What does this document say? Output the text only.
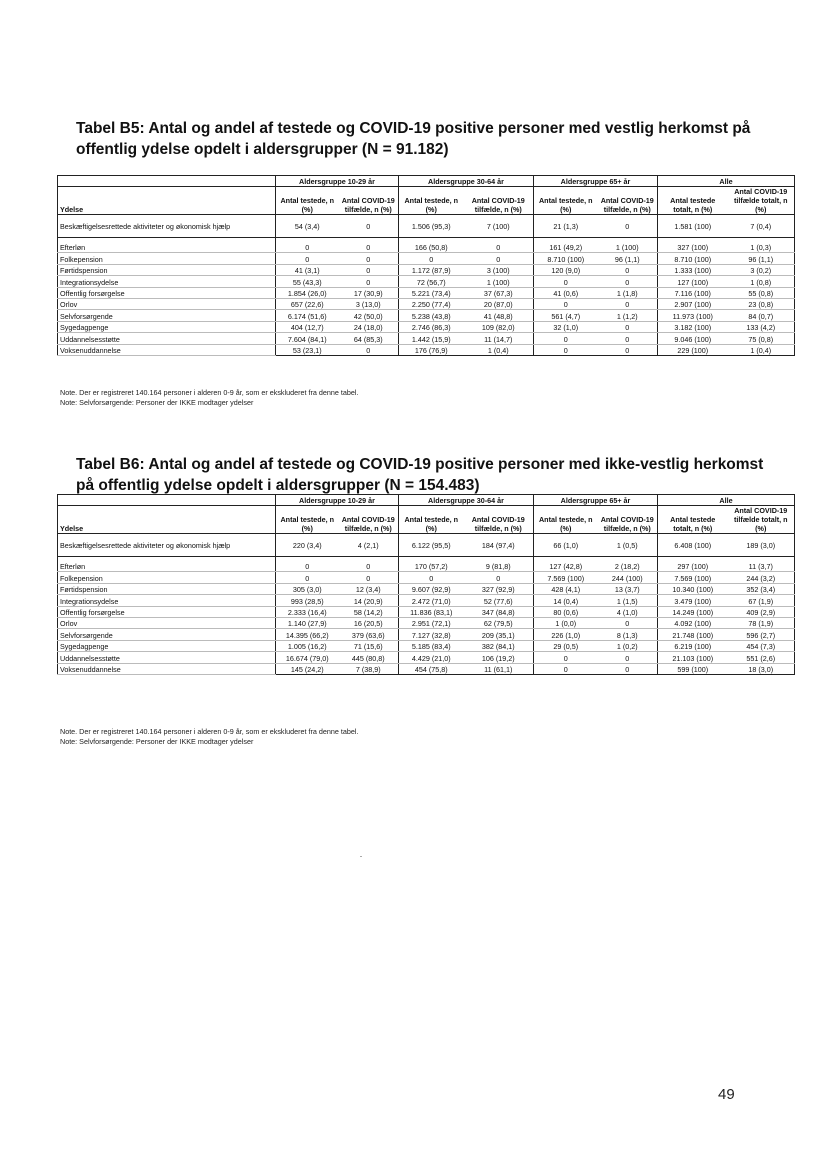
Tabel B5: Antal og andel af testede og COVID-19 positive personer med vestlig herkomst på offentlig ydelse opdelt i aldersgrupper (N = 91.182)
	Aldersgruppe 10-29 år		Aldersgruppe 30-64 år		Aldersgruppe 65+ år		Alle	
Ydelse	Antal testede, n (%)	Antal COVID-19 tilfælde, n (%)	Antal testede, n (%)	Antal COVID-19 tilfælde, n (%)	Antal testede, n (%)	Antal COVID-19 tilfælde, n (%)	Antal testede totalt, n (%)	Antal COVID-19 tilfælde totalt, n (%)
Beskæftigelsesrettede aktiviteter og økonomisk hjælp	54 (3,4)	0	1.506 (95,3)	7 (100)	21 (1,3)	0	1.581 (100)	7 (0,4)

Efterløn	0	0	166 (50,8)	0	161 (49,2)	1 (100)	327 (100)	1 (0,3)
Folkepension	0	0	0	0	8.710 (100)	96 (1,1)	8.710 (100)	96 (1,1)
Førtidspension	41 (3,1)	0	1.172 (87,9)	3 (100)	120 (9,0)	0	1.333 (100)	3 (0,2)
Integrationsydelse	55 (43,3)	0	72 (56,7)	1 (100)	0	0	127 (100)	1 (0,8)
Offentlig forsørgelse	1.854 (26,0)	17 (30,9)	5.221 (73,4)	37 (67,3)	41 (0,6)	1 (1,8)	7.116 (100)	55 (0,8)
Orlov	657 (22,6)	3 (13,0)	2.250 (77,4)	20 (87,0)	0	0	2.907 (100)	23 (0,8)
Selvforsørgende	6.174 (51,6)	42 (50,0)	5.238 (43,8)	41 (48,8)	561 (4,7)	1 (1,2)	11.973 (100)	84 (0,7)
Sygedagpenge	404 (12,7)	24 (18,0)	2.746 (86,3)	109 (82,0)	32 (1,0)	0	3.182 (100)	133 (4,2)
Uddannelsesstøtte	7.604 (84,1)	64 (85,3)	1.442 (15,9)	11 (14,7)	0	0	9.046 (100)	75 (0,8)
Voksenuddannelse	53 (23,1)	0	176 (76,9)	1 (0,4)	0	0	229 (100)	1 (0,4)
Note. Der er registreret 140.164 personer i alderen 0-9 år, som er ekskluderet fra denne tabel.
Note: Selvforsørgende: Personer der IKKE modtager ydelser
Tabel B6: Antal og andel af testede og COVID-19 positive personer med ikke-vestlig herkomst på offentlig ydelse opdelt i aldersgrupper (N = 154.483)
	Aldersgruppe 10-29 år		Aldersgruppe 30-64 år		Aldersgruppe 65+ år		Alle	
Ydelse	Antal testede, n (%)	Antal COVID-19 tilfælde, n (%)	Antal testede, n (%)	Antal COVID-19 tilfælde, n (%)	Antal testede, n (%)	Antal COVID-19 tilfælde, n (%)	Antal testede totalt, n (%)	Antal COVID-19 tilfælde totalt, n (%)
Beskæftigelsesrettede aktiviteter og økonomisk hjælp	220 (3,4)	4 (2,1)	6.122 (95,5)	184 (97,4)	66 (1,0)	1 (0,5)	6.408 (100)	189 (3,0)

Efterløn	0	0	170 (57,2)	9 (81,8)	127 (42,8)	2 (18,2)	297 (100)	11 (3,7)
Folkepension	0	0	0	0	7.569 (100)	244 (100)	7.569 (100)	244 (3,2)
Førtidspension	305 (3,0)	12 (3,4)	9.607 (92,9)	327 (92,9)	428 (4,1)	13 (3,7)	10.340 (100)	352 (3,4)
Integrationsydelse	993 (28,5)	14 (20,9)	2.472 (71,0)	52 (77,6)	14 (0,4)	1 (1,5)	3.479 (100)	67 (1,9)
Offentlig forsørgelse	2.333 (16,4)	58 (14,2)	11.836 (83,1)	347 (84,8)	80 (0,6)	4 (1,0)	14.249 (100)	409 (2,9)
Orlov	1.140 (27,9)	16 (20,5)	2.951 (72,1)	62 (79,5)	1 (0,0)	0	4.092 (100)	78 (1,9)
Selvforsørgende	14.395 (66,2)	379 (63,6)	7.127 (32,8)	209 (35,1)	226 (1,0)	8 (1,3)	21.748 (100)	596 (2,7)
Sygedagpenge	1.005 (16,2)	71 (15,6)	5.185 (83,4)	382 (84,1)	29 (0,5)	1 (0,2)	6.219 (100)	454 (7,3)
Uddannelsesstøtte	16.674 (79,0)	445 (80,8)	4.429 (21,0)	106 (19,2)	0	0	21.103 (100)	551 (2,6)
Voksenuddannelse	145 (24,2)	7 (38,9)	454 (75,8)	11 (61,1)	0	0	599 (100)	18 (3,0)
Note. Der er registreret 140.164 personer i alderen 0-9 år, som er ekskluderet fra denne tabel.
Note: Selvforsørgende: Personer der IKKE modtager ydelser
49
